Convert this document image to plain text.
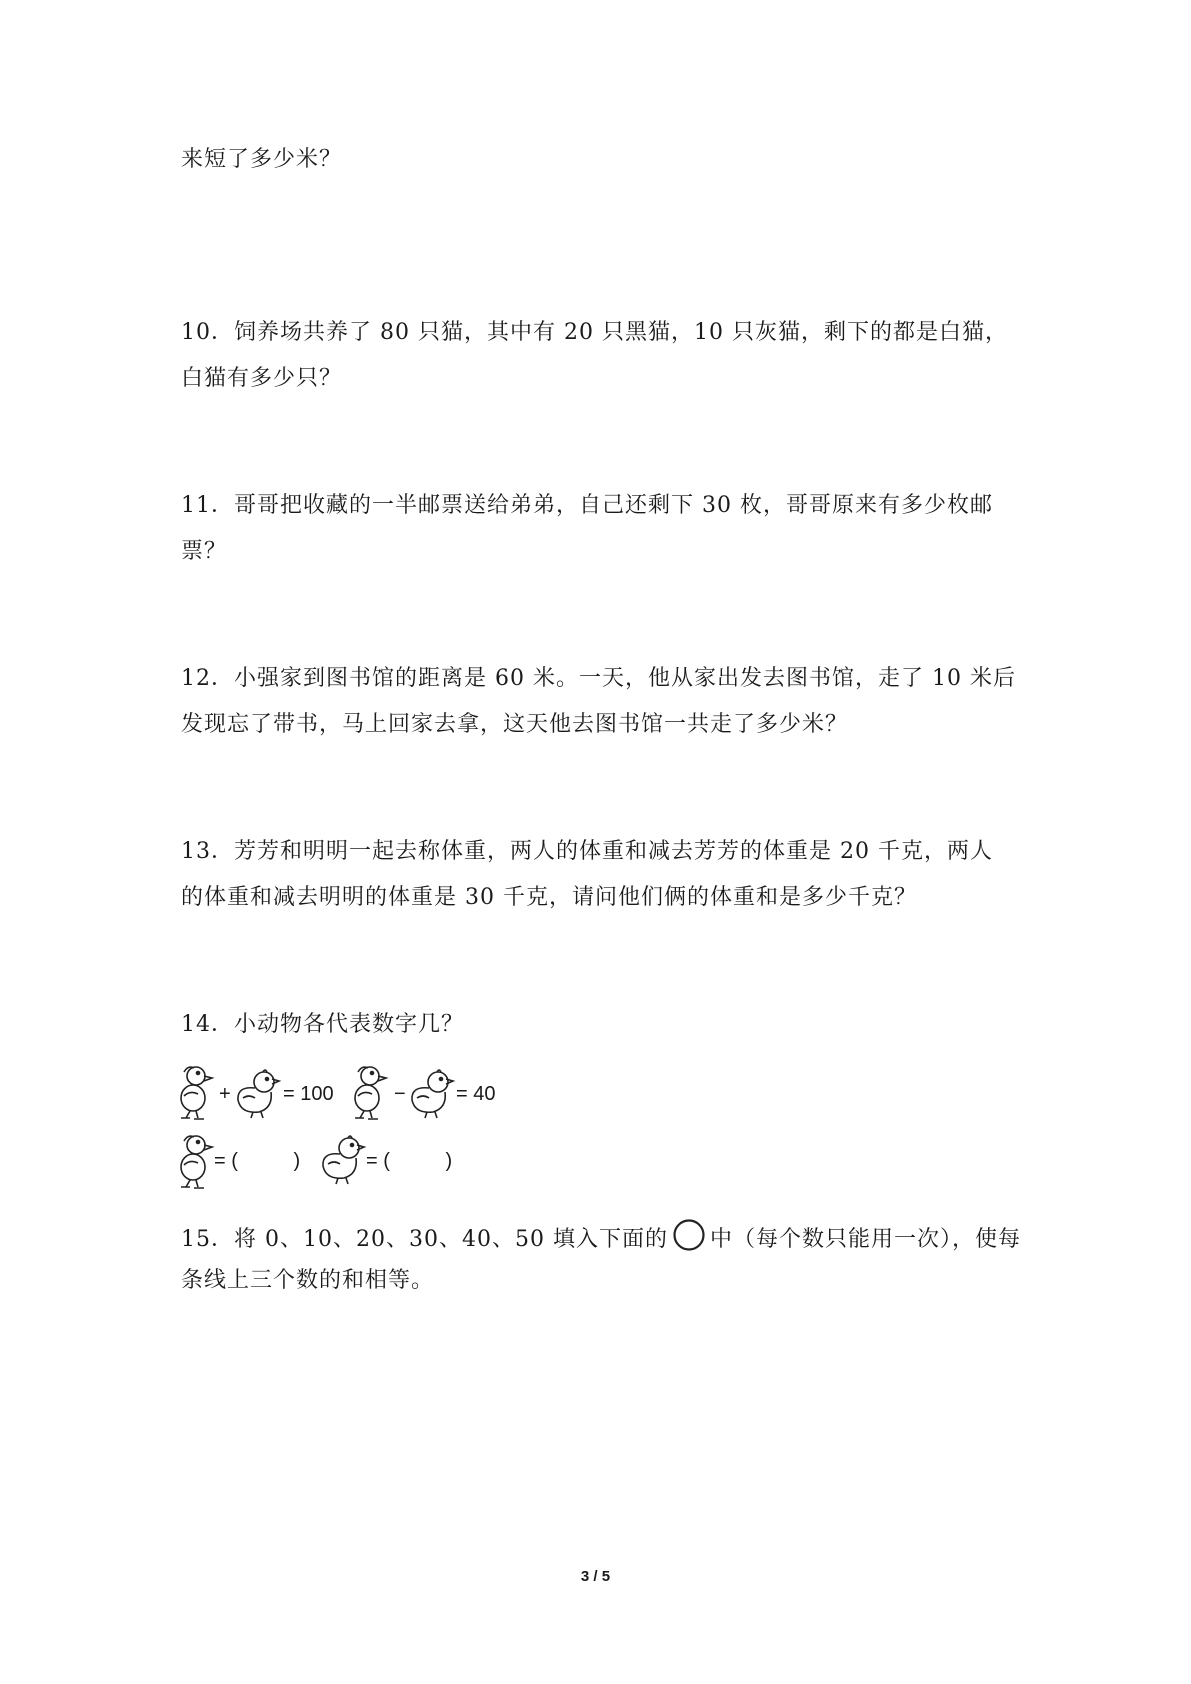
来短了多少米？
10．饲养场共养了 80 只猫，其中有 20 只黑猫，10 只灰猫，剩下的都是白猫，
白猫有多少只？
11．哥哥把收藏的一半邮票送给弟弟，自己还剩下 30 枚，哥哥原来有多少枚邮
票？
12．小强家到图书馆的距离是 60 米。一天，他从家出发去图书馆，走了 10 米后
发现忘了带书，马上回家去拿，这天他去图书馆一共走了多少米？
13．芳芳和明明一起去称体重，两人的体重和减去芳芳的体重是 20 千克，两人
的体重和减去明明的体重是 30 千克，请问他们俩的体重和是多少千克？
14．小动物各代表数字几？
+	= 100	−	= 40
= (          )	= (          )
15．将 0、10、20、30、40、50 填入下面的 中（每个数只能用一次），使每
条线上三个数的和相等。
3 / 5
